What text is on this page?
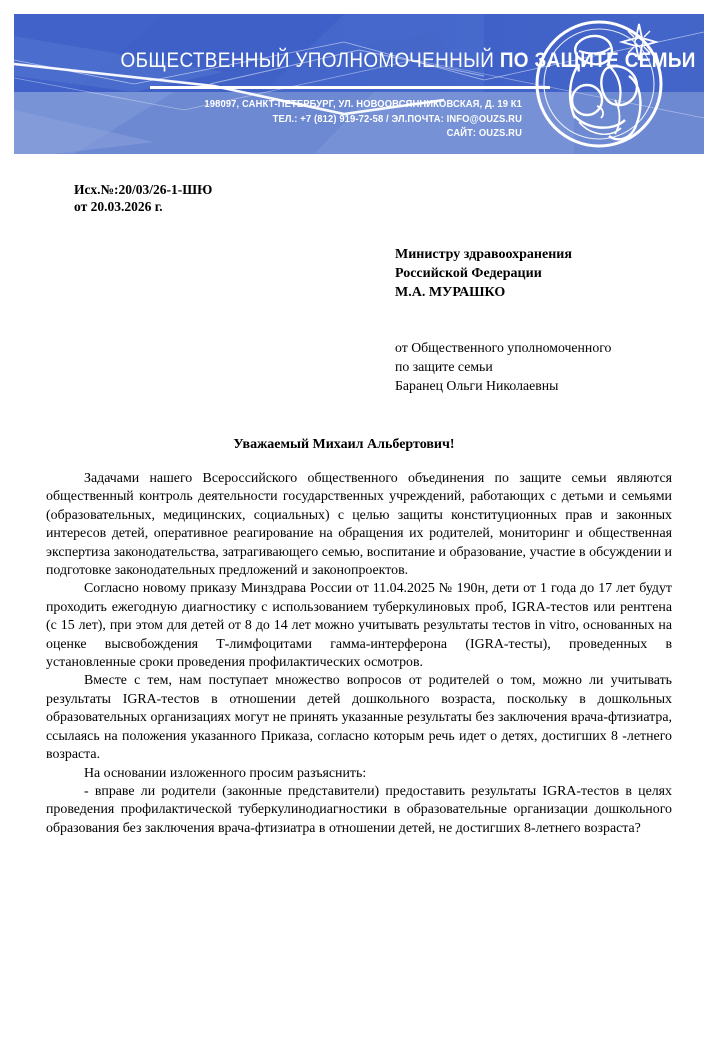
ОБЩЕСТВЕННЫЙ УПОЛНОМОЧЕННЫЙ ПО ЗАЩИТЕ СЕМЬИ
198097, САНКТ-ПЕТЕРБУРГ, УЛ. НОВООВСЯННИКОВСКАЯ, Д. 19 К1
ТЕЛ.: +7 (812) 919-72-58 / ЭЛ.ПОЧТА: INFO@OUZS.RU
САЙТ: OUZS.RU
Исх.№:20/03/26-1-ШЮ
от 20.03.2026 г.
Министру здравоохранения
Российской Федерации
М.А. МУРАШКО
от Общественного уполномоченного
по защите семьи
Баранец Ольги Николаевны
Уважаемый Михаил Альбертович!

Задачами нашего Всероссийского общественного объединения по защите семьи являются общественный контроль деятельности государственных учреждений, работающих с детьми и семьями (образовательных, медицинских, социальных) с целью защиты конституционных прав и законных интересов детей, оперативное реагирование на обращения их родителей, мониторинг и общественная экспертиза законодательства, затрагивающего семью, воспитание и образование, участие в обсуждении и подготовке законодательных предложений и законопроектов.

Согласно новому приказу Минздрава России от 11.04.2025 № 190н, дети от 1 года до 17 лет будут проходить ежегодную диагностику с использованием туберкулиновых проб, IGRA-тестов или рентгена (с 15 лет), при этом для детей от 8 до 14 лет можно учитывать результаты тестов in vitro, основанных на оценке высвобождения Т-лимфоцитами гамма-интерферона (IGRA-тесты), проведенных в установленные сроки проведения профилактических осмотров.

Вместе с тем, нам поступает множество вопросов от родителей о том, можно ли учитывать результаты IGRA-тестов в отношении детей дошкольного возраста, поскольку в дошкольных образовательных организациях могут не принять указанные результаты без заключения врача-фтизиатра, ссылаясь на положения указанного Приказа, согласно которым речь идет о детях, достигших 8 -летнего возраста.

На основании изложенного просим разъяснить:

- вправе ли родители (законные представители) предоставить результаты IGRA-тестов в целях проведения профилактической туберкулинодиагностики в образовательные организации дошкольного образования без заключения врача-фтизиатра в отношении детей, не достигших 8-летнего возраста?
